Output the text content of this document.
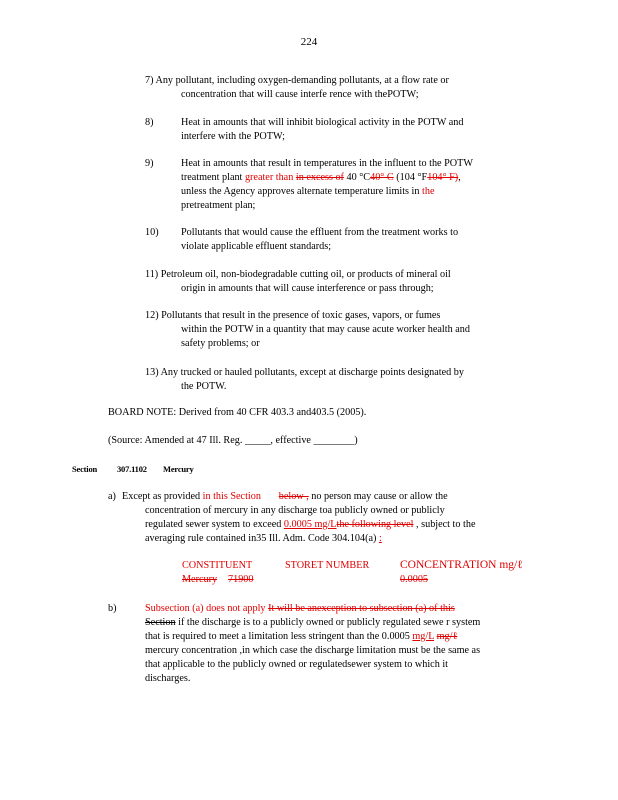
224
7) Any pollutant, including oxygen-demanding pollutants, at a flow rate or
concentration that will cause interfe rence with thePOTW;
8)	Heat in amounts that will inhibit biological activity in the POTW and
interfere with the POTW;
9)	Heat in amounts that result in temperatures in the influent to the POTW
treatment plant greater than in excess of 40 °C40° C (104 °F104° F),
unless the Agency approves alternate temperature limits in the
pretreatment plan;
10) Pollutants that would cause the effluent from the treatment works to
violate applicable effluent standards;
11) Petroleum oil, non-biodegradable cutting oil, or products of mineral oil
origin in amounts that will cause interference or pass through;
12) Pollutants that result in the presence of toxic gases, vapors, or fumes
within the POTW in a quantity that may cause acute worker health and
safety problems; or
13) Any trucked or hauled pollutants, except at discharge points designated by
the POTW.
BOARD NOTE: Derived from 40 CFR 403.3 and403.5 (2005).
(Source: Amended at 47 Ill. Reg. _____, effective ________)
Section 307.1102 Mercury
a) Except as provided in this Section below , no person may cause or allow the
concentration of mercury in any discharge toa publicly owned or publicly
regulated sewer system to exceed 0.0005 mg/Lthe following level , subject to the
averaging rule contained in35 Ill. Adm. Code 304.104(a) :
CONSTITUENT	STORET NUMBER	CONCENTRATION mg/ℓ
Mercury 71900	0.0005
b)	Subsection (a) does not apply It will be anexception to subsection (a) of this
Section if the discharge is to a publicly owned or publicly regulated sewe r system
that is required to meet a limitation less stringent than the 0.0005 mg/L mg/ℓ
mercury concentration ,in which case the discharge limitation must be the same as
that applicable to the publicly owned or regulatedsewer system to which it
discharges.
